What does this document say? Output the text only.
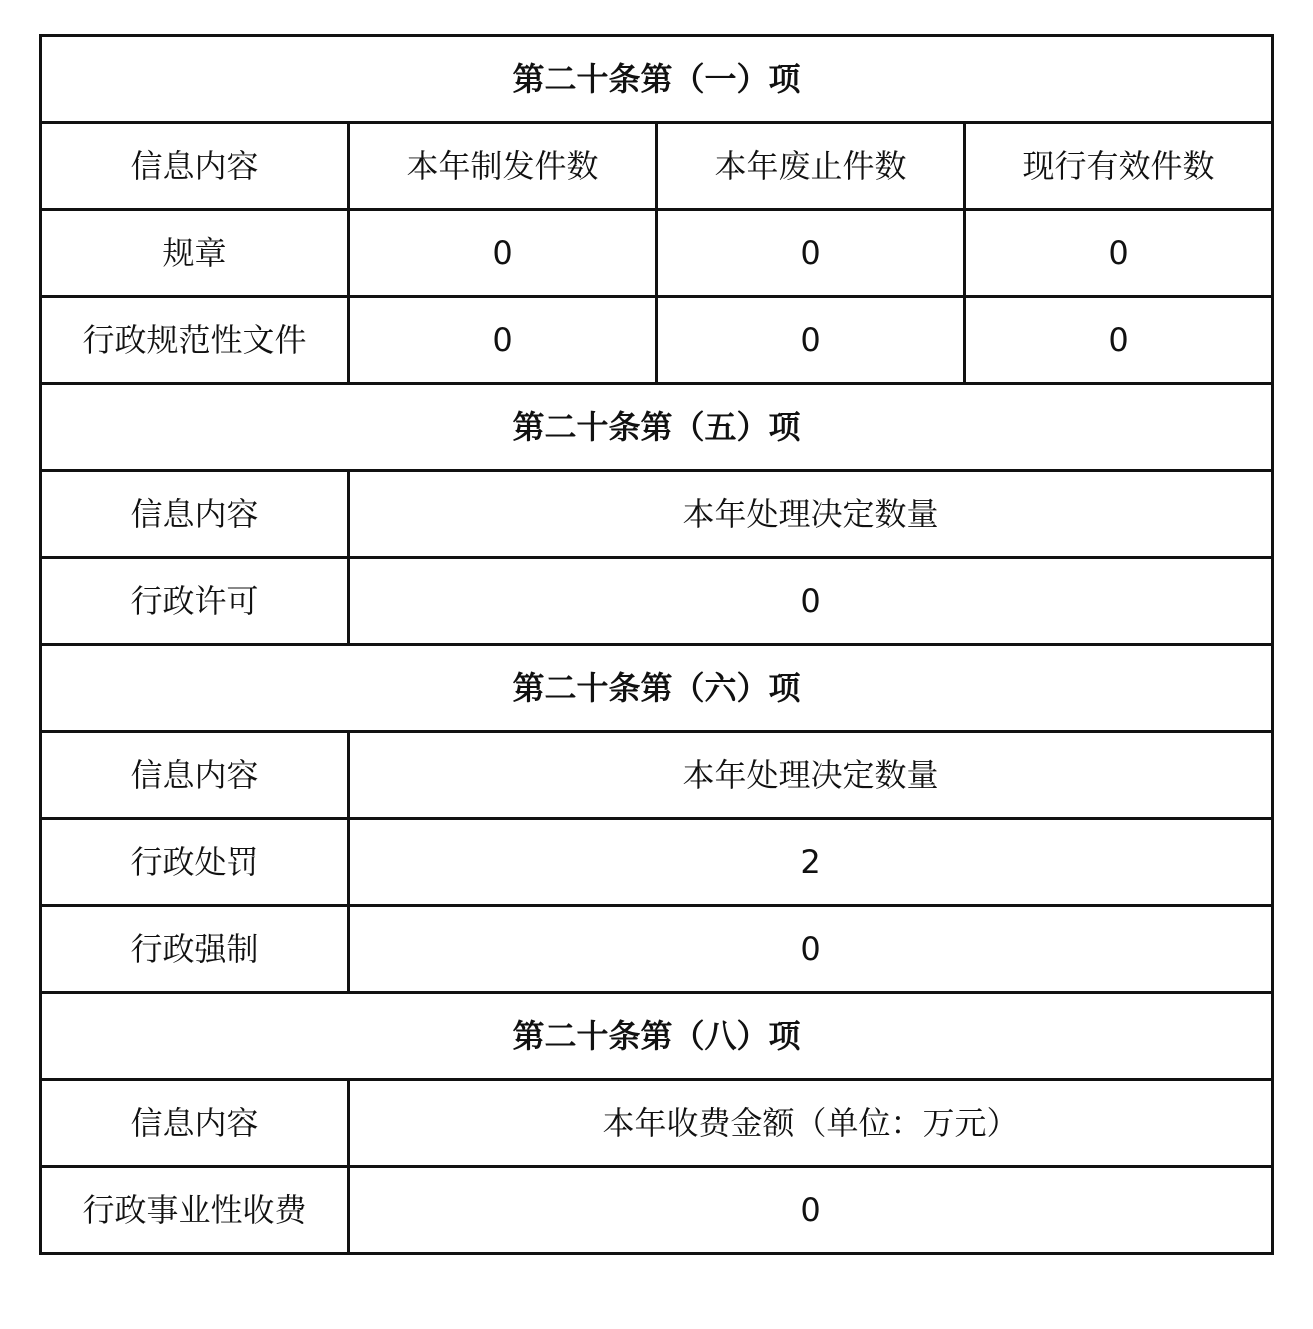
第二十条第（一）项			
信息内容	本年制发件数	本年废止件数	现行有效件数
规章	0	0	0
行政规范性文件	0	0	0
第二十条第（五）项			
信息内容	本年处理决定数量		
行政许可	0		
第二十条第（六）项			
信息内容	本年处理决定数量		
行政处罚	2		
行政强制	0		
第二十条第（八）项			
信息内容	本年收费金额（单位：万元）		
行政事业性收费	0		
